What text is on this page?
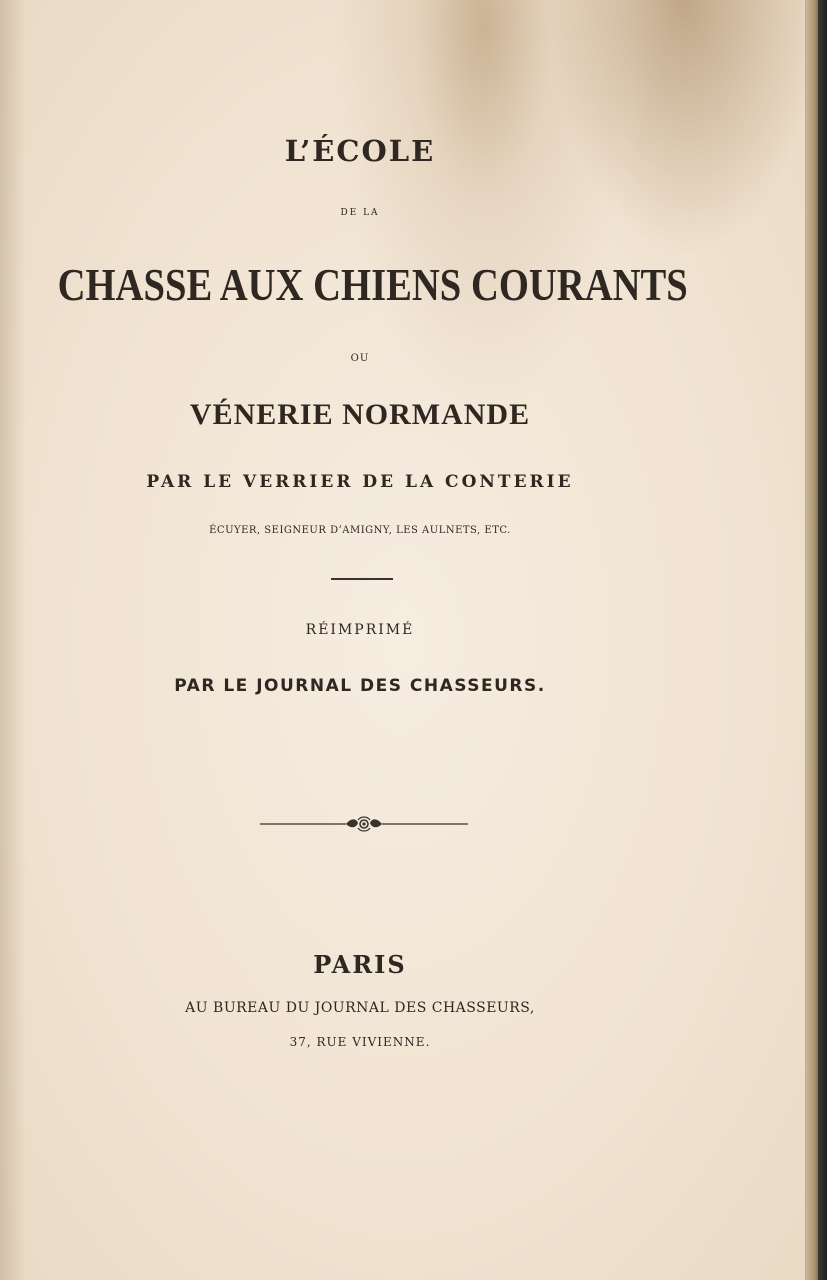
L’ÉCOLE
DE LA
CHASSE AUX CHIENS COURANTS
OU
VÉNERIE NORMANDE
PAR LE VERRIER DE LA CONTERIE
ÉCUYER, SEIGNEUR D’AMIGNY, LES AULNETS, ETC.
RÉIMPRIMÉ
PAR LE JOURNAL DES CHASSEURS.
PARIS
AU BUREAU DU JOURNAL DES CHASSEURS,
37, RUE VIVIENNE.
